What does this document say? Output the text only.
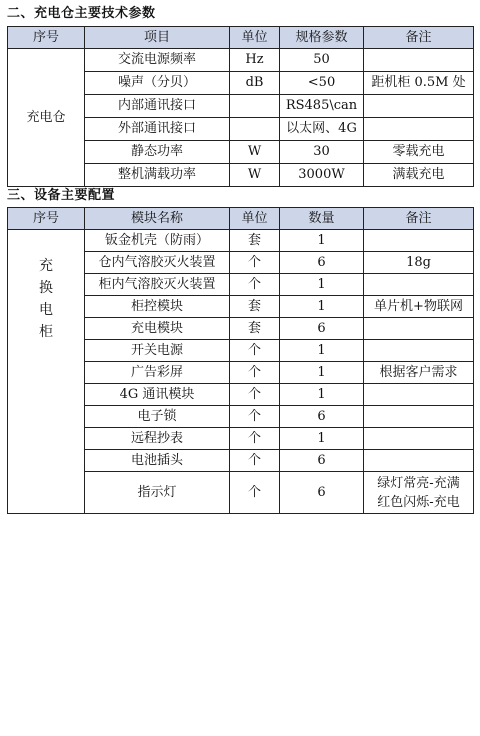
二、充电仓主要技术参数
序号	项目	单位	规格参数	备注
充电仓	交流电源频率	Hz	50	
	噪声（分贝）	dB	<50	距机柜 0.5M 处
	内部通讯接口		RS485\can	
	外部通讯接口		以太网、4G	
	静态功率	W	30	零载充电
	整机满载功率	W	3000W	满载充电
三、设备主要配置
序号	模块名称	单位	数量	备注

充
换
电
柜	钣金机壳（防雨）	套	1	
	仓内气溶胶灭火装置	个	6	18g
	柜内气溶胶灭火装置	个	1	
	柜控模块	套	1	单片机+物联网
	充电模块	套	6	
	开关电源	个	1	
	广告彩屏	个	1	根据客户需求
	4G 通讯模块	个	1	
	电子锁	个	6	
	远程抄表	个	1	
	电池插头	个	6	
	指示灯	个	6	绿灯常亮-充满
红色闪烁-充电
